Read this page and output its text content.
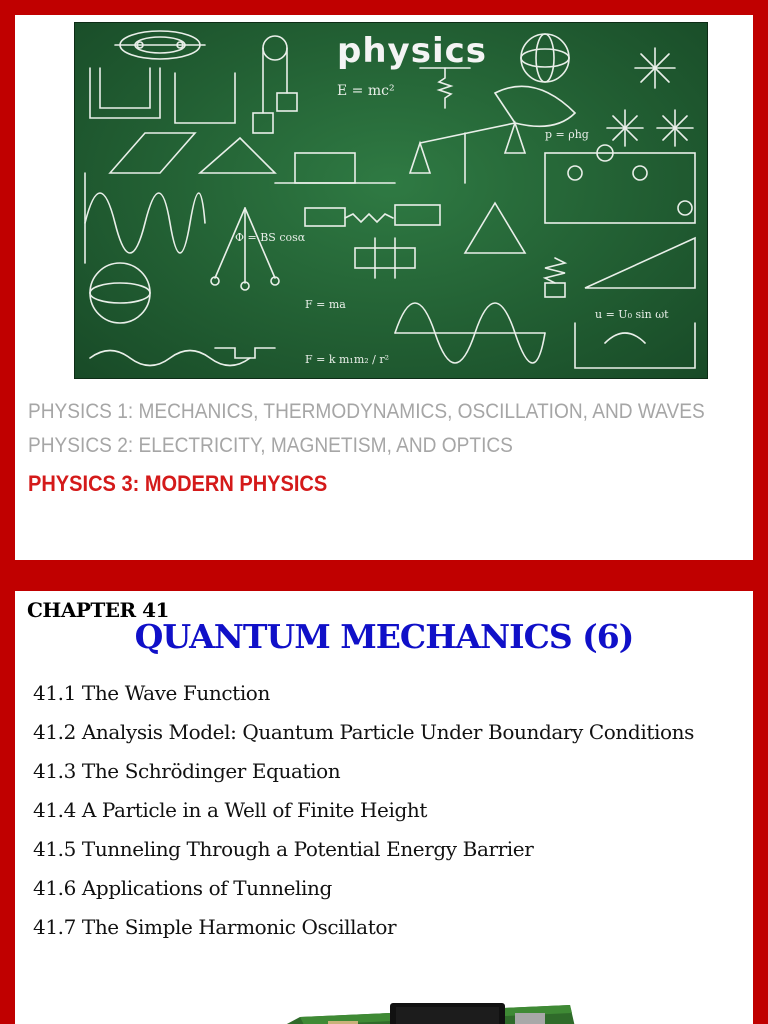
E = mc²
Φ = BS cosα
F = ma
p = ρhg
u = U₀ sin ωt
F = k m₁m₂ / r²
physics
PHYSICS 1: MECHANICS, THERMODYNAMICS, OSCILLATION, AND WAVES
PHYSICS 2: ELECTRICITY, MAGNETISM, AND OPTICS
PHYSICS 3: MODERN PHYSICS
CHAPTER 41
QUANTUM MECHANICS (6)
41.1 The Wave Function
41.2 Analysis Model: Quantum Particle Under Boundary Conditions
41.3 The Schrödinger Equation
41.4 A Particle in a Well of Finite Height
41.5 Tunneling Through a Potential Energy Barrier
41.6 Applications of Tunneling
41.7 The Simple Harmonic Oscillator
